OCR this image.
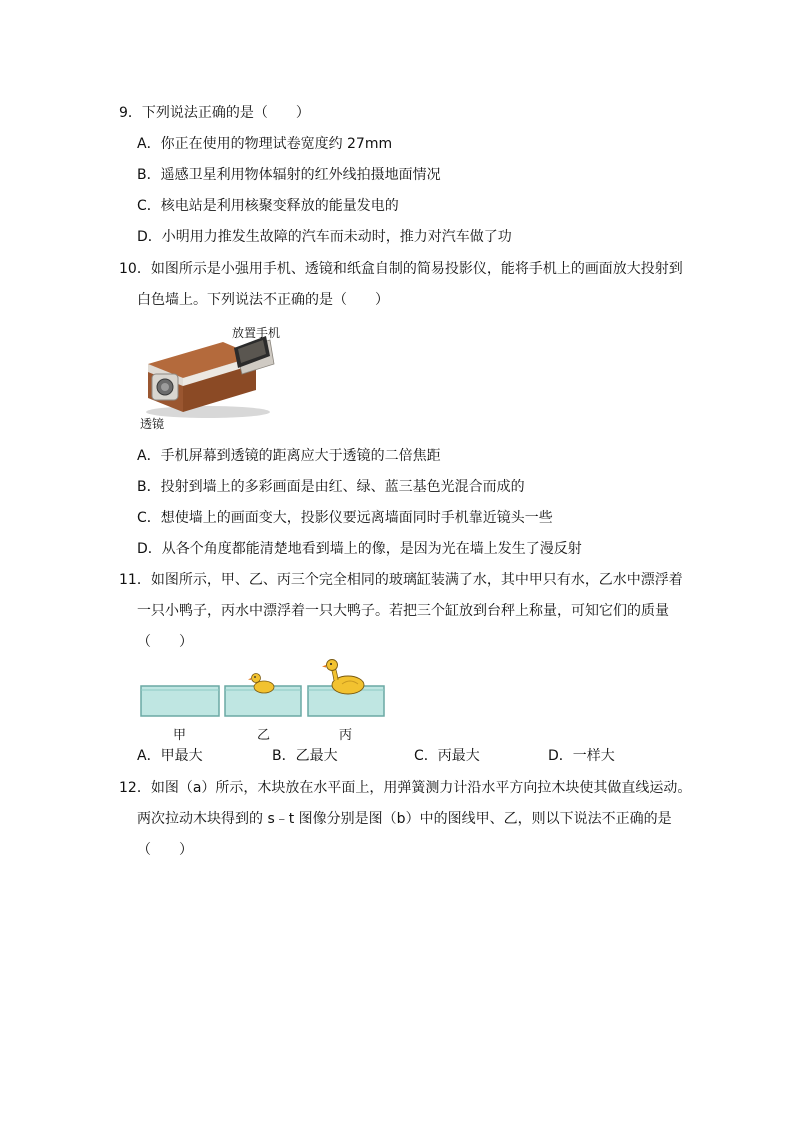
9．下列说法正确的是（　　）
A．你正在使用的物理试卷宽度约 27mm
B．遥感卫星利用物体辐射的红外线拍摄地面情况
C．核电站是利用核聚变释放的能量发电的
D．小明用力推发生故障的汽车而未动时，推力对汽车做了功
10．如图所示是小强用手机、透镜和纸盒自制的简易投影仪，能将手机上的画面放大投射到
白色墙上。下列说法不正确的是（　　）
放置手机
透镜
A．手机屏幕到透镜的距离应大于透镜的二倍焦距
B．投射到墙上的多彩画面是由红、绿、蓝三基色光混合而成的
C．想使墙上的画面变大，投影仪要远离墙面同时手机靠近镜头一些
D．从各个角度都能清楚地看到墙上的像，是因为光在墙上发生了漫反射
11．如图所示，甲、乙、丙三个完全相同的玻璃缸装满了水，其中甲只有水，乙水中漂浮着
一只小鸭子，丙水中漂浮着一只大鸭子。若把三个缸放到台秤上称量，可知它们的质量
（　　）
甲	乙	丙
A．甲最大	B．乙最大	C．丙最大	D．一样大
12．如图（a）所示，木块放在水平面上，用弹簧测力计沿水平方向拉木块使其做直线运动。
两次拉动木块得到的 s﹣t 图像分别是图（b）中的图线甲、乙，则以下说法不正确的是
（　　）
